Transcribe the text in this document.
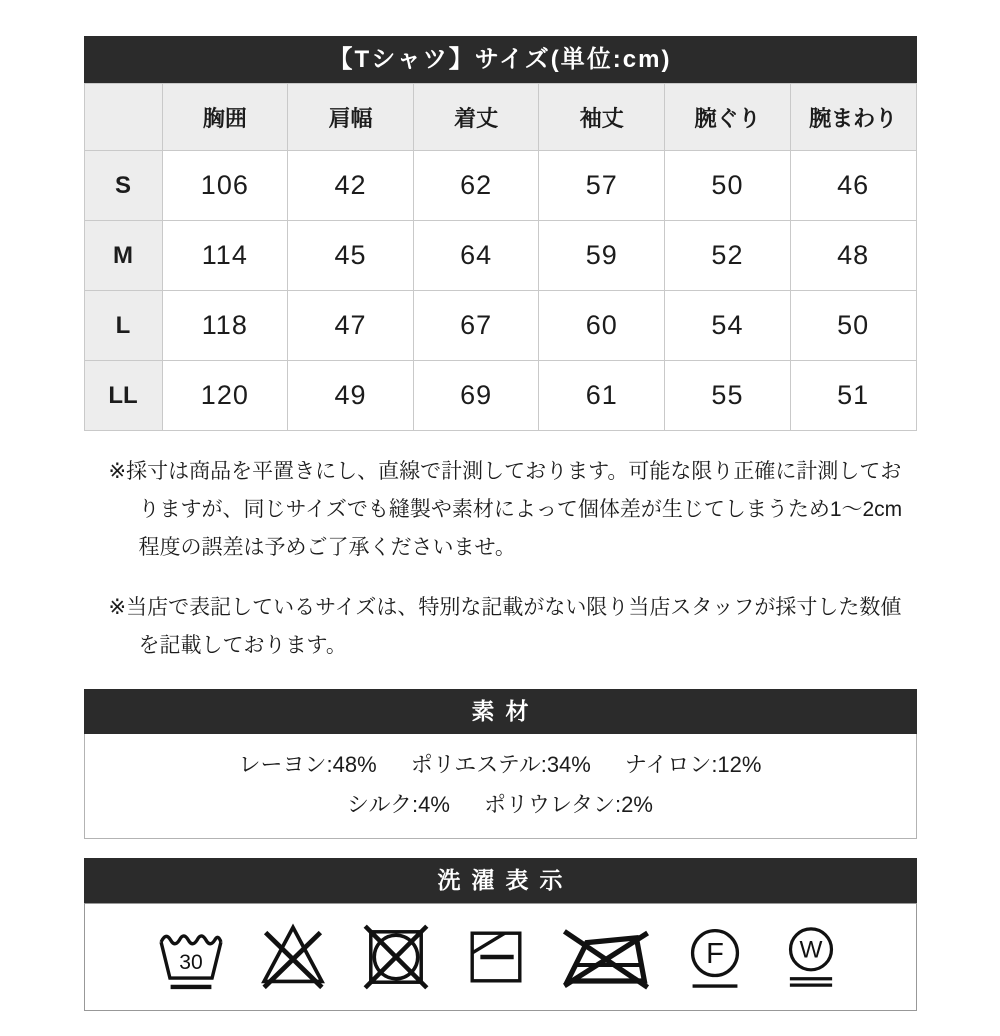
【Tシャツ】サイズ(単位:cm)
	胸囲	肩幅	着丈	袖丈	腕ぐり	腕まわり
S	106	42	62	57	50	46
M	114	45	64	59	52	48
L	118	47	67	60	54	50
LL	120	49	69	61	55	51

※採寸は商品を平置きにし、直線で計測しております。可能な限り正確に計測しておりますが、同じサイズでも縫製や素材によって個体差が生じてしまうため1〜2cm程度の誤差は予めご了承くださいませ。

※当店で表記しているサイズは、特別な記載がない限り当店スタッフが採寸した数値を記載しております。

素材
レーヨン:48% ポリエステル:34% ナイロン:12%
シルク:4% ポリウレタン:2%
洗濯表示
30	F W
